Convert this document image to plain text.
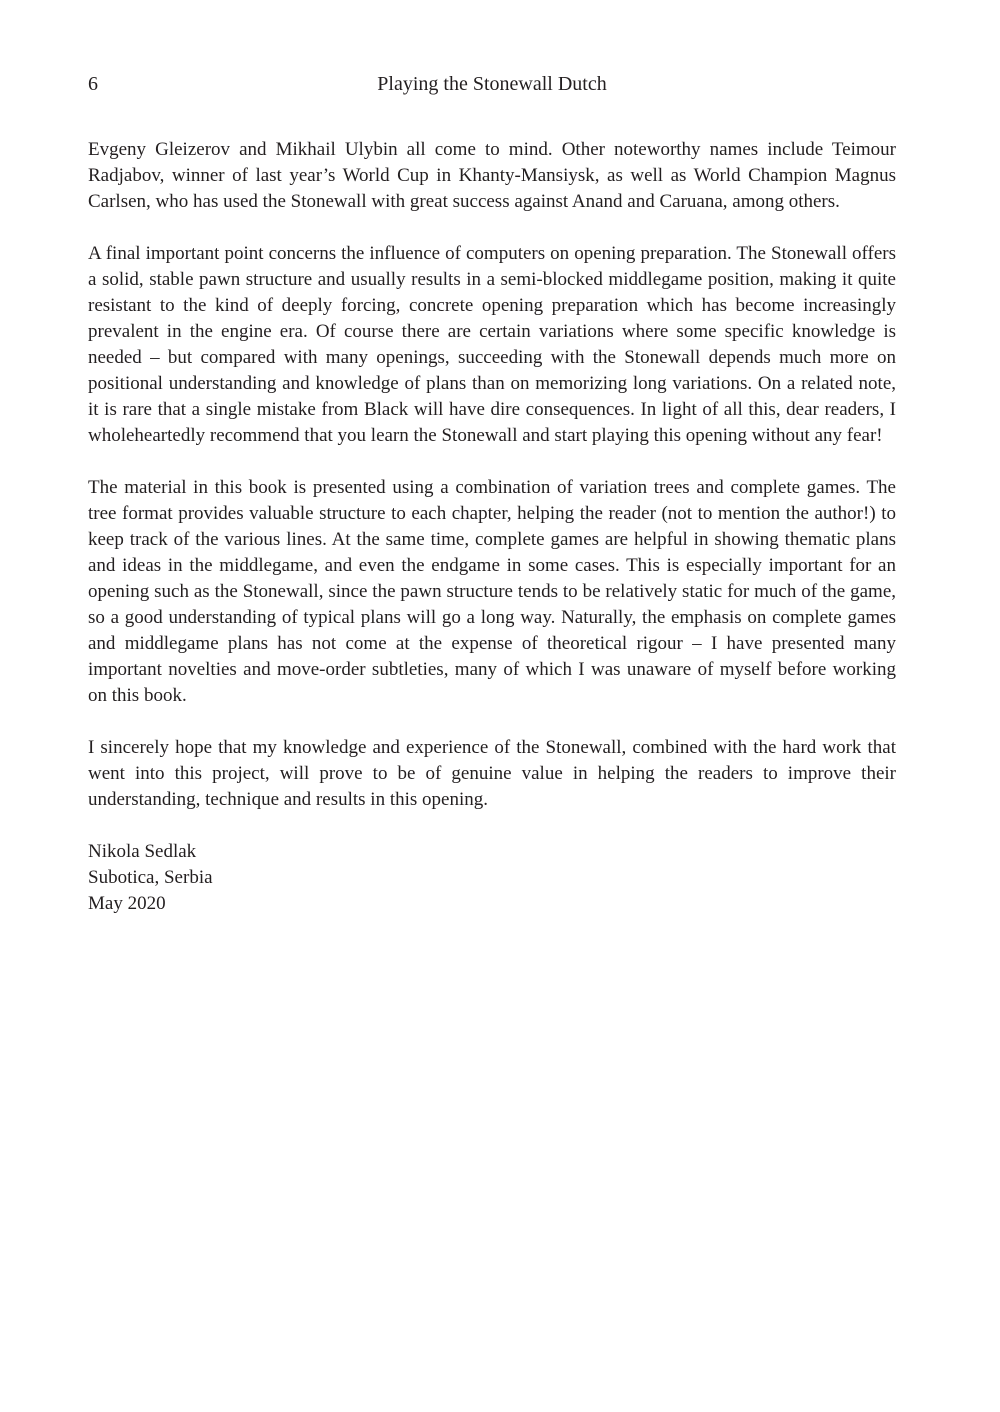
6	Playing the Stonewall Dutch

Evgeny Gleizerov and Mikhail Ulybin all come to mind. Other noteworthy names include Teimour Radjabov, winner of last year’s World Cup in Khanty-Mansiysk, as well as World Champion Magnus Carlsen, who has used the Stonewall with great success against Anand and Caruana, among others.

A final important point concerns the influence of computers on opening preparation. The Stonewall offers a solid, stable pawn structure and usually results in a semi-blocked middlegame position, making it quite resistant to the kind of deeply forcing, concrete opening preparation which has become increasingly prevalent in the engine era. Of course there are certain variations where some specific knowledge is needed – but compared with many openings, succeeding with the Stonewall depends much more on positional understanding and knowledge of plans than on memorizing long variations. On a related note, it is rare that a single mistake from Black will have dire consequences. In light of all this, dear readers, I wholeheartedly recommend that you learn the Stonewall and start playing this opening without any fear!

The material in this book is presented using a combination of variation trees and complete games. The tree format provides valuable structure to each chapter, helping the reader (not to mention the author!) to keep track of the various lines. At the same time, complete games are helpful in showing thematic plans and ideas in the middlegame, and even the endgame in some cases. This is especially important for an opening such as the Stonewall, since the pawn structure tends to be relatively static for much of the game, so a good understanding of typical plans will go a long way. Naturally, the emphasis on complete games and middlegame plans has not come at the expense of theoretical rigour – I have presented many important novelties and move-order subtleties, many of which I was unaware of myself before working on this book.

I sincerely hope that my knowledge and experience of the Stonewall, combined with the hard work that went into this project, will prove to be of genuine value in helping the readers to improve their understanding, technique and results in this opening.

Nikola Sedlak
Subotica, Serbia
May 2020
